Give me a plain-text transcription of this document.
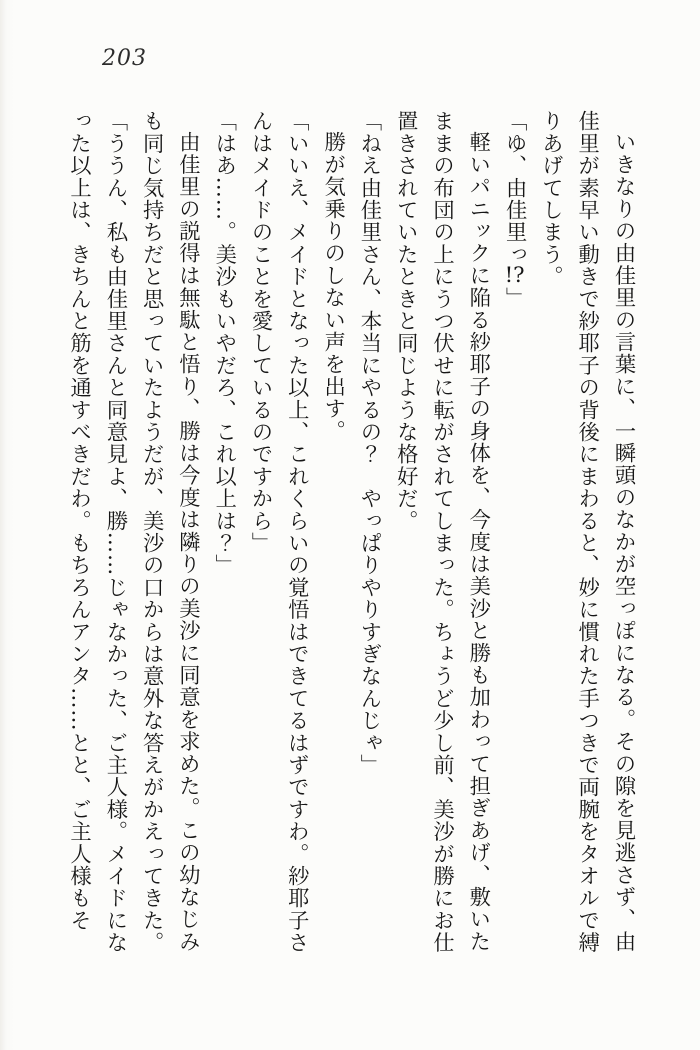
203

いきなりの由佳里の言葉に、一瞬頭のなかが空っぽになる。その隙を見逃さず、由佳里が素早い動きで紗耶子の背後にまわると、妙に慣れた手つきで両腕をタオルで縛りあげてしまう。

「ゆ、由佳里っ!?」

軽いパニックに陥る紗耶子の身体を、今度は美沙と勝も加わって担ぎあげ、敷いたままの布団の上にうつ伏せに転がされてしまった。ちょうど少し前、美沙が勝にお仕置きされていたときと同じような格好だ。

「ねえ由佳里さん、本当にやるの？　やっぱりやりすぎなんじゃ」

勝が気乗りのしない声を出す。

「いいえ、メイドとなった以上、これくらいの覚悟はできてるはずですわ。紗耶子さんはメイドのことを愛しているのですから」

「はあ……。美沙もいやだろ、これ以上は？」

由佳里の説得は無駄と悟り、勝は今度は隣りの美沙に同意を求めた。この幼なじみも同じ気持ちだと思っていたようだが、美沙の口からは意外な答えがかえってきた。

「ううん、私も由佳里さんと同意見よ、勝……じゃなかった、ご主人様。メイドになった以上は、きちんと筋を通すべきだわ。もちろんアンタ……とと、ご主人様もそ
